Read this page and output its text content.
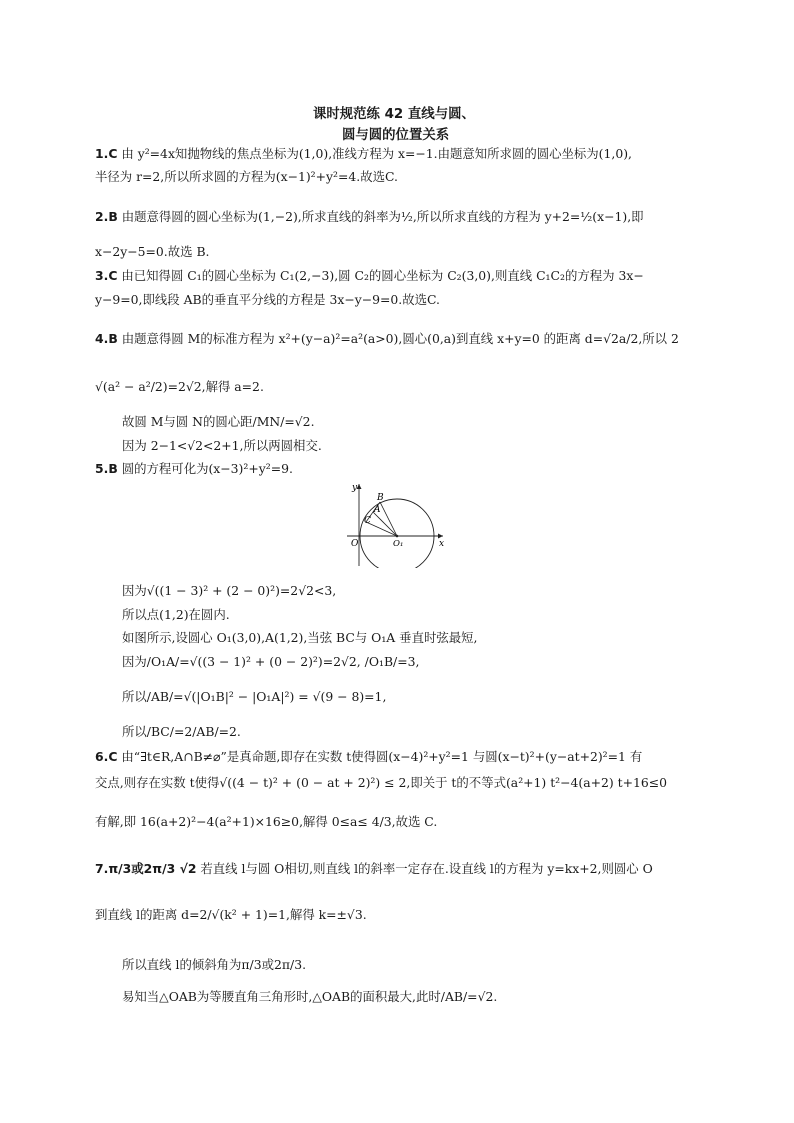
课时规范练 42 直线与圆、
圆与圆的位置关系
1.C 由 y²=4x知抛物线的焦点坐标为(1,0),准线方程为 x=−1.由题意知所求圆的圆心坐标为(1,0),
半径为 r=2,所以所求圆的方程为(x−1)²+y²=4.故选C.
2.B 由题意得圆的圆心坐标为(1,−2),所求直线的斜率为½,所以所求直线的方程为 y+2=½(x−1),即
x−2y−5=0.故选 B.
3.C 由已知得圆 C₁的圆心坐标为 C₁(2,−3),圆 C₂的圆心坐标为 C₂(3,0),则直线 C₁C₂的方程为 3x−
y−9=0,即线段 AB的垂直平分线的方程是 3x−y−9=0.故选C.
4.B 由题意得圆 M的标准方程为 x²+(y−a)²=a²(a>0),圆心(0,a)到直线 x+y=0 的距离 d=√2a/2,所以 2
√(a² − a²/2)=2√2,解得 a=2.
故圆 M与圆 N的圆心距/MN/=√2.
因为 2−1<√2<2+1,所以两圆相交.
5.B 圆的方程可化为(x−3)²+y²=9.
y
x
O	O₁
A
B
C
因为√((1 − 3)² + (2 − 0)²)=2√2<3,
所以点(1,2)在圆内.
如图所示,设圆心 O₁(3,0),A(1,2),当弦 BC与 O₁A 垂直时弦最短,
因为/O₁A/=√((3 − 1)² + (0 − 2)²)=2√2, /O₁B/=3,
所以/AB/=√(|O₁B|² − |O₁A|²) = √(9 − 8)=1,
所以/BC/=2/AB/=2.
6.C 由“∃t∈R,A∩B≠⌀”是真命题,即存在实数 t使得圆(x−4)²+y²=1 与圆(x−t)²+(y−at+2)²=1 有
交点,则存在实数 t使得√((4 − t)² + (0 − at + 2)²) ≤ 2,即关于 t的不等式(a²+1) t²−4(a+2) t+16≤0
有解,即 16(a+2)²−4(a²+1)×16≥0,解得 0≤a≤ 4/3,故选 C.
7.π/3或2π/3 √2 若直线 l与圆 O相切,则直线 l的斜率一定存在.设直线 l的方程为 y=kx+2,则圆心 O
到直线 l的距离 d=2/√(k² + 1)=1,解得 k=±√3.
所以直线 l的倾斜角为π/3或2π/3.
易知当△OAB为等腰直角三角形时,△OAB的面积最大,此时/AB/=√2.
